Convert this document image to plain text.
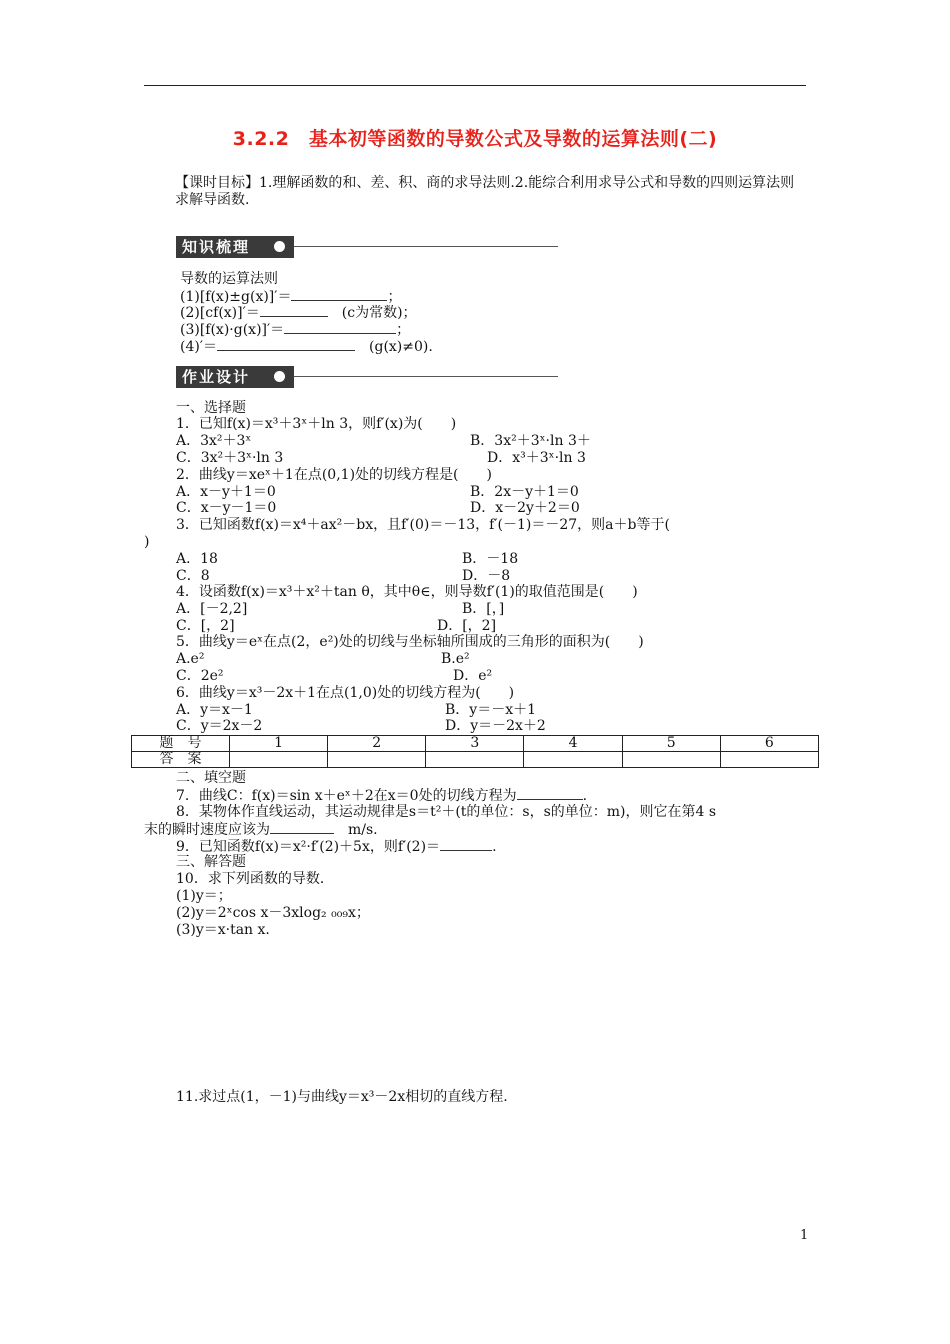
3.2.2　基本初等函数的导数公式及导数的运算法则(二)
【课时目标】1.理解函数的和、差、积、商的求导法则.2.能综合利用求导公式和导数的四则运算法则求解导函数.
知识梳理
导数的运算法则
(1)[f(x)±g(x)]′＝	；
(2)[cf(x)]′＝　	(c为常数)；
(3)[f(x)·g(x)]′＝	；
(4)′＝　	(g(x)≠0).
作业设计
一、选择题
1．已知f(x)＝x³＋3ˣ＋ln 3，则f′(x)为(　　)
A．3x²＋3ˣ	B．3x²＋3ˣ·ln 3＋
C．3x²＋3ˣ·ln 3	D．x³＋3ˣ·ln 3
2．曲线y＝xeˣ＋1在点(0,1)处的切线方程是(　　)
A．x－y＋1＝0	B．2x－y＋1＝0
C．x－y－1＝0	D．x－2y＋2＝0
3．已知函数f(x)＝x⁴＋ax²－bx，且f′(0)＝－13，f′(－1)＝－27，则a＋b等于(
)
A．18	B．－18
C．8	D．－8
4．设函数f(x)＝x³＋x²＋tan θ，其中θ∈，则导数f′(1)的取值范围是(　　)
A．[－2,2]	B．[，]
C．[，2]	D．[，2]
5．曲线y＝eˣ在点(2，e²)处的切线与坐标轴所围成的三角形的面积为(　　)
A.e²	B.e²
C．2e²	D．e²
6．曲线y＝x³－2x＋1在点(1,0)处的切线方程为(　　)
A．y＝x－1	B．y＝－x＋1
C．y＝2x－2	D．y＝－2x＋2
题　号	1	2	3	4	5	6
答　案						
二、填空题
7．曲线C：f(x)＝sin x＋eˣ＋2在x＝0处的切线方程为	.
8．某物体作直线运动，其运动规律是s＝t²＋(t的单位：s，s的单位：m)，则它在第4 s
末的瞬时速度应该为　	m/s.
9．已知函数f(x)＝x²·f′(2)＋5x，则f′(2)＝	.
三、解答题
10．求下列函数的导数．
(1)y＝；
(2)y＝2ˣcos x－3xlog₂ ₀₀₉x；
(3)y＝x·tan x.
11.求过点(1，－1)与曲线y＝x³－2x相切的直线方程.
1
